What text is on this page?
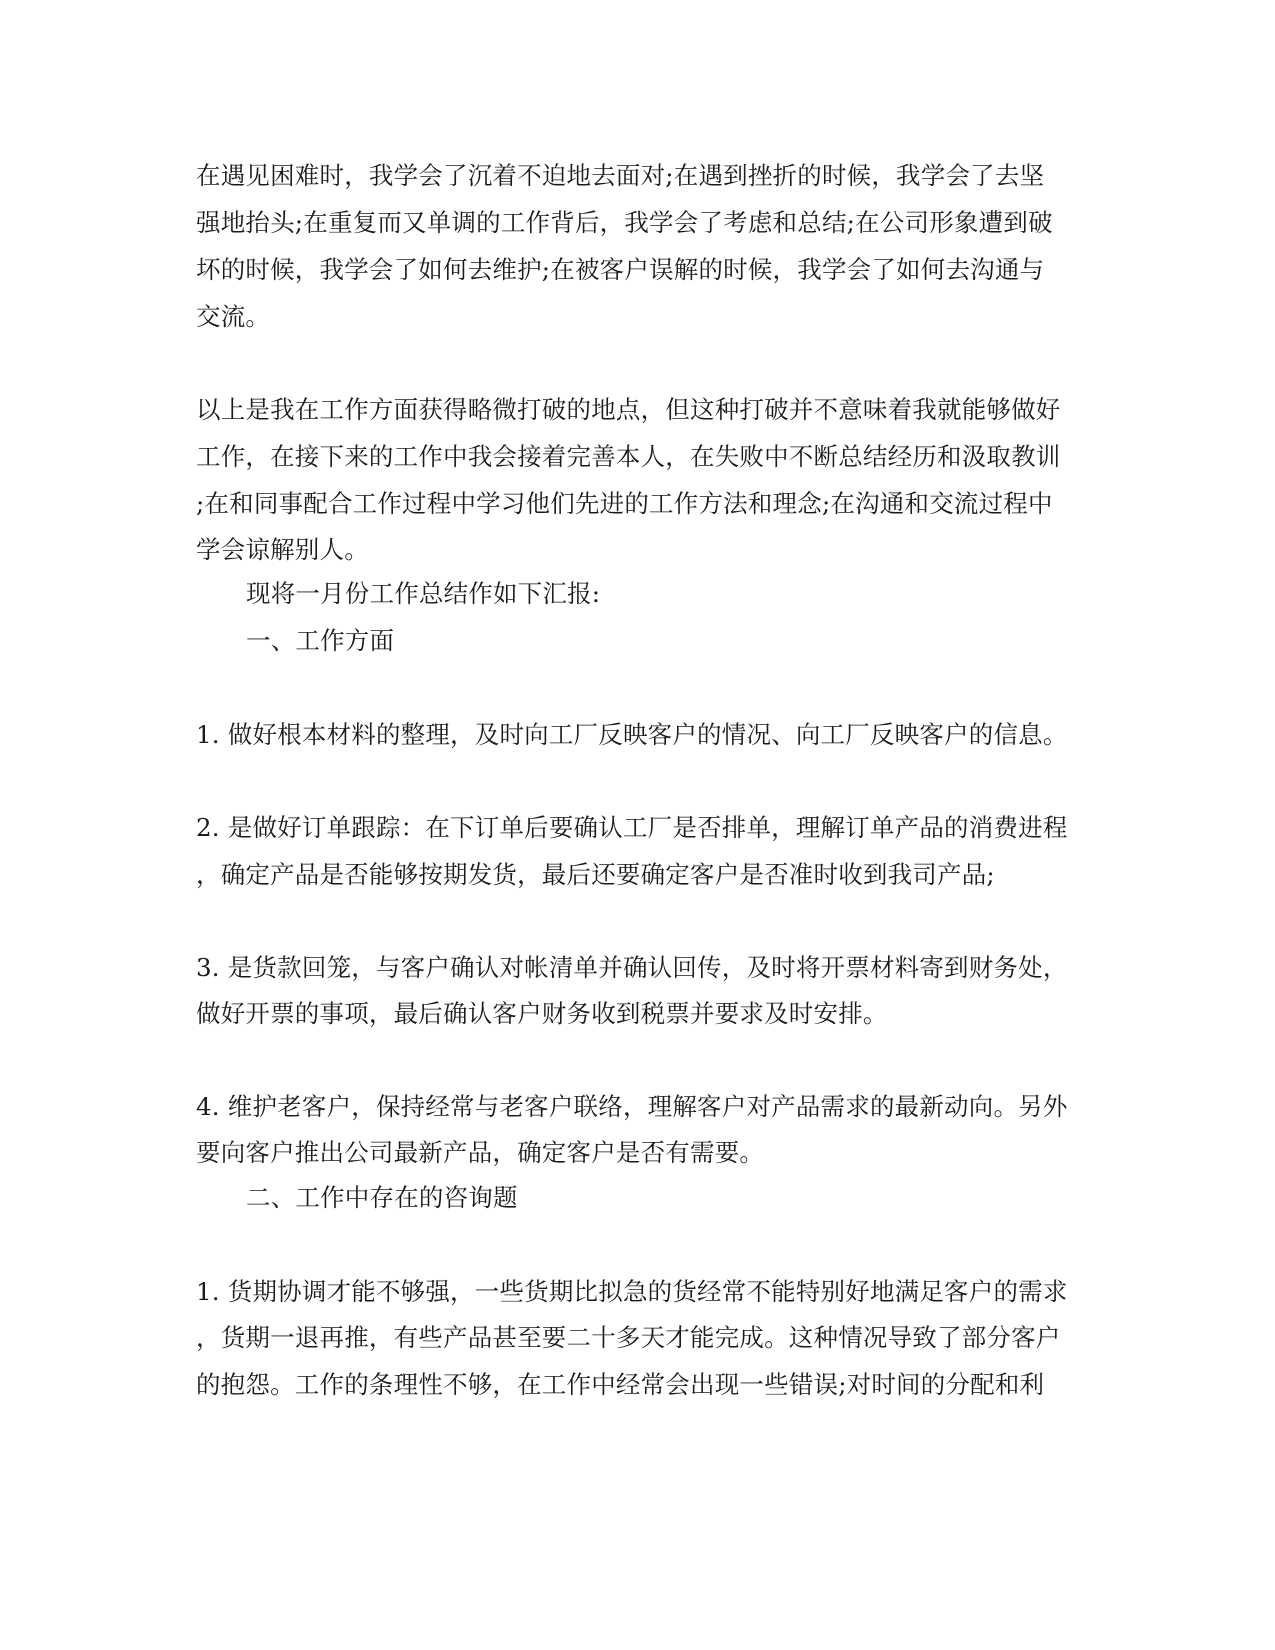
在遇见困难时，我学会了沉着不迫地去面对;在遇到挫折的时候，我学会了去坚

强地抬头;在重复而又单调的工作背后，我学会了考虑和总结;在公司形象遭到破

坏的时候，我学会了如何去维护;在被客户误解的时候，我学会了如何去沟通与

交流。

以上是我在工作方面获得略微打破的地点，但这种打破并不意味着我就能够做好

工作，在接下来的工作中我会接着完善本人，在失败中不断总结经历和汲取教训

;在和同事配合工作过程中学习他们先进的工作方法和理念;在沟通和交流过程中

学会谅解别人。

现将一月份工作总结作如下汇报:

一、工作方面

1. 做好根本材料的整理，及时向工厂反映客户的情况、向工厂反映客户的信息。

2. 是做好订单跟踪：在下订单后要确认工厂是否排单，理解订单产品的消费进程

，确定产品是否能够按期发货，最后还要确定客户是否准时收到我司产品;

3. 是货款回笼，与客户确认对帐清单并确认回传，及时将开票材料寄到财务处，

做好开票的事项，最后确认客户财务收到税票并要求及时安排。

4. 维护老客户，保持经常与老客户联络，理解客户对产品需求的最新动向。另外

要向客户推出公司最新产品，确定客户是否有需要。

二、工作中存在的咨询题

1. 货期协调才能不够强，一些货期比拟急的货经常不能特别好地满足客户的需求

，货期一退再推，有些产品甚至要二十多天才能完成。这种情况导致了部分客户

的抱怨。工作的条理性不够，在工作中经常会出现一些错误;对时间的分配和利
